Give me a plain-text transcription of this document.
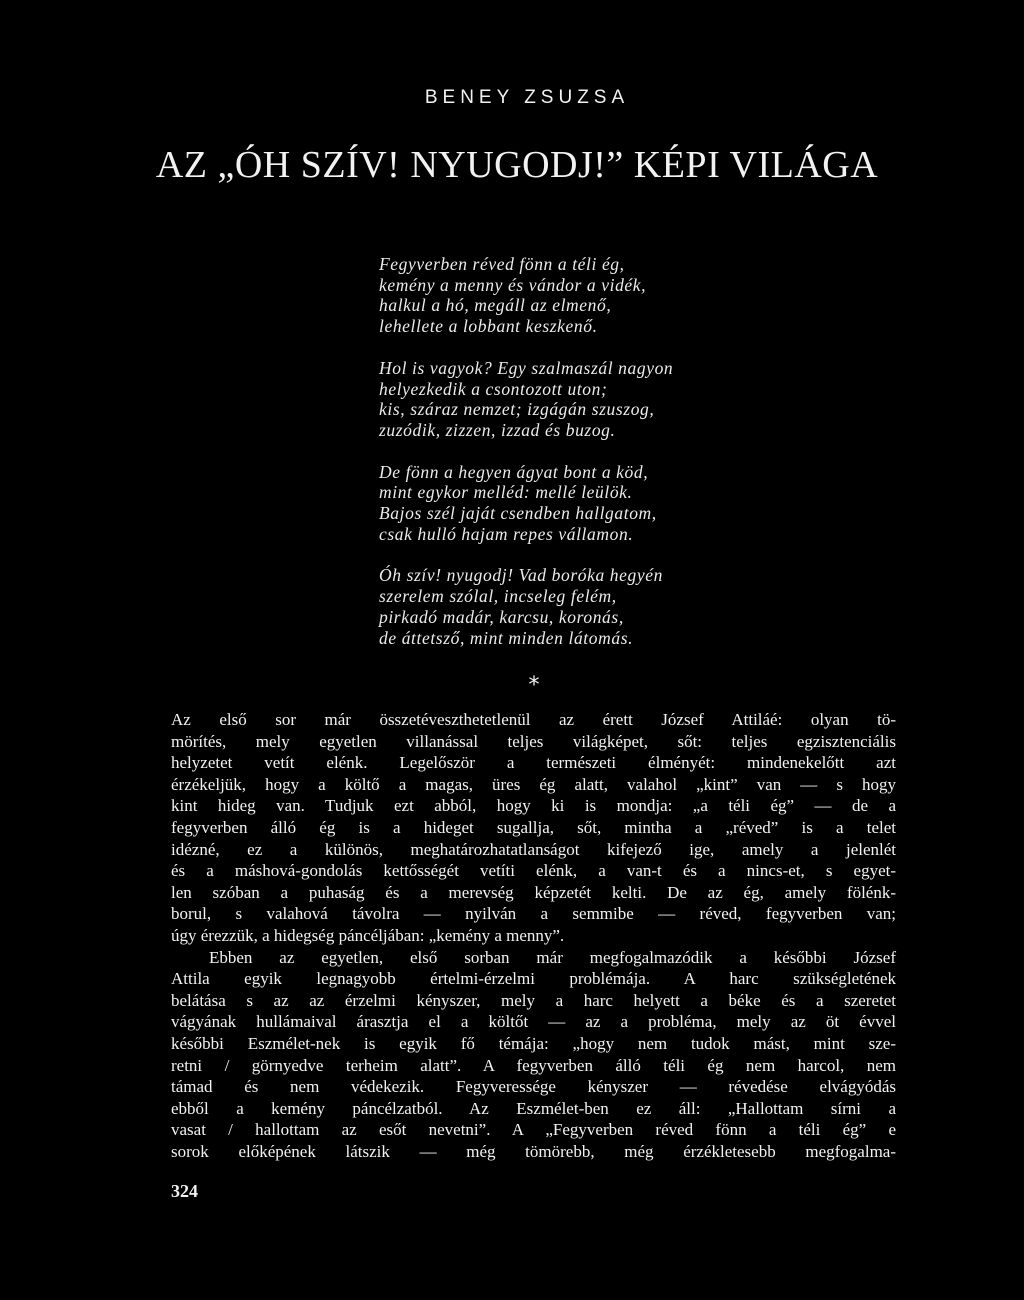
BENEY ZSUZSA
AZ „ÓH SZÍV! NYUGODJ!” KÉPI VILÁGA
Fegyverben réved fönn a téli ég,
kemény a menny és vándor a vidék,
halkul a hó, megáll az elmenő,
lehellete a lobbant keszkenő.
Hol is vagyok? Egy szalmaszál nagyon
helyezkedik a csontozott uton;
kis, száraz nemzet; izgágán szuszog,
zuzódik, zizzen, izzad és buzog.
De fönn a hegyen ágyat bont a köd,
mint egykor melléd: mellé leülök.
Bajos szél jaját csendben hallgatom,
csak hulló hajam repes vállamon.
Óh szív! nyugodj! Vad boróka hegyén
szerelem szólal, incseleg felém,
pirkadó madár, karcsu, koronás,
de áttetsző, mint minden látomás.
*
Az első sor már összetéveszthetetlenül az érett József Attiláé: olyan tö-
mörítés, mely egyetlen villanással teljes világképet, sőt: teljes egzisztenciális
helyzetet vetít elénk. Legelőször a természeti élményét: mindenekelőtt azt
érzékeljük, hogy a költő a magas, üres ég alatt, valahol „kint” van — s hogy
kint hideg van. Tudjuk ezt abból, hogy ki is mondja: „a téli ég” — de a
fegyverben álló ég is a hideget sugallja, sőt, mintha a „réved” is a telet
idézné, ez a különös, meghatározhatatlanságot kifejező ige, amely a jelenlét
és a máshová-gondolás kettősségét vetíti elénk, a van-t és a nincs-et, s egyet-
len szóban a puhaság és a merevség képzetét kelti. De az ég, amely fölénk-
borul, s valahová távolra — nyilván a semmibe — réved, fegyverben van;
úgy érezzük, a hidegség páncéljában: „kemény a menny”.
Ebben az egyetlen, első sorban már megfogalmazódik a későbbi József
Attila egyik legnagyobb értelmi-érzelmi problémája. A harc szükségletének
belátása s az az érzelmi kényszer, mely a harc helyett a béke és a szeretet
vágyának hullámaival árasztja el a költőt — az a probléma, mely az öt évvel
későbbi Eszmélet-nek is egyik fő témája: „hogy nem tudok mást, mint sze-
retni / görnyedve terheim alatt”. A fegyverben álló téli ég nem harcol, nem
támad és nem védekezik. Fegyveressége kényszer — révedése elvágyódás
ebből a kemény páncélzatból. Az Eszmélet-ben ez áll: „Hallottam sírni a
vasat / hallottam az esőt nevetni”. A „Fegyverben réved fönn a téli ég” e
sorok előképének látszik — még tömörebb, még érzékletesebb megfogalma-
324
